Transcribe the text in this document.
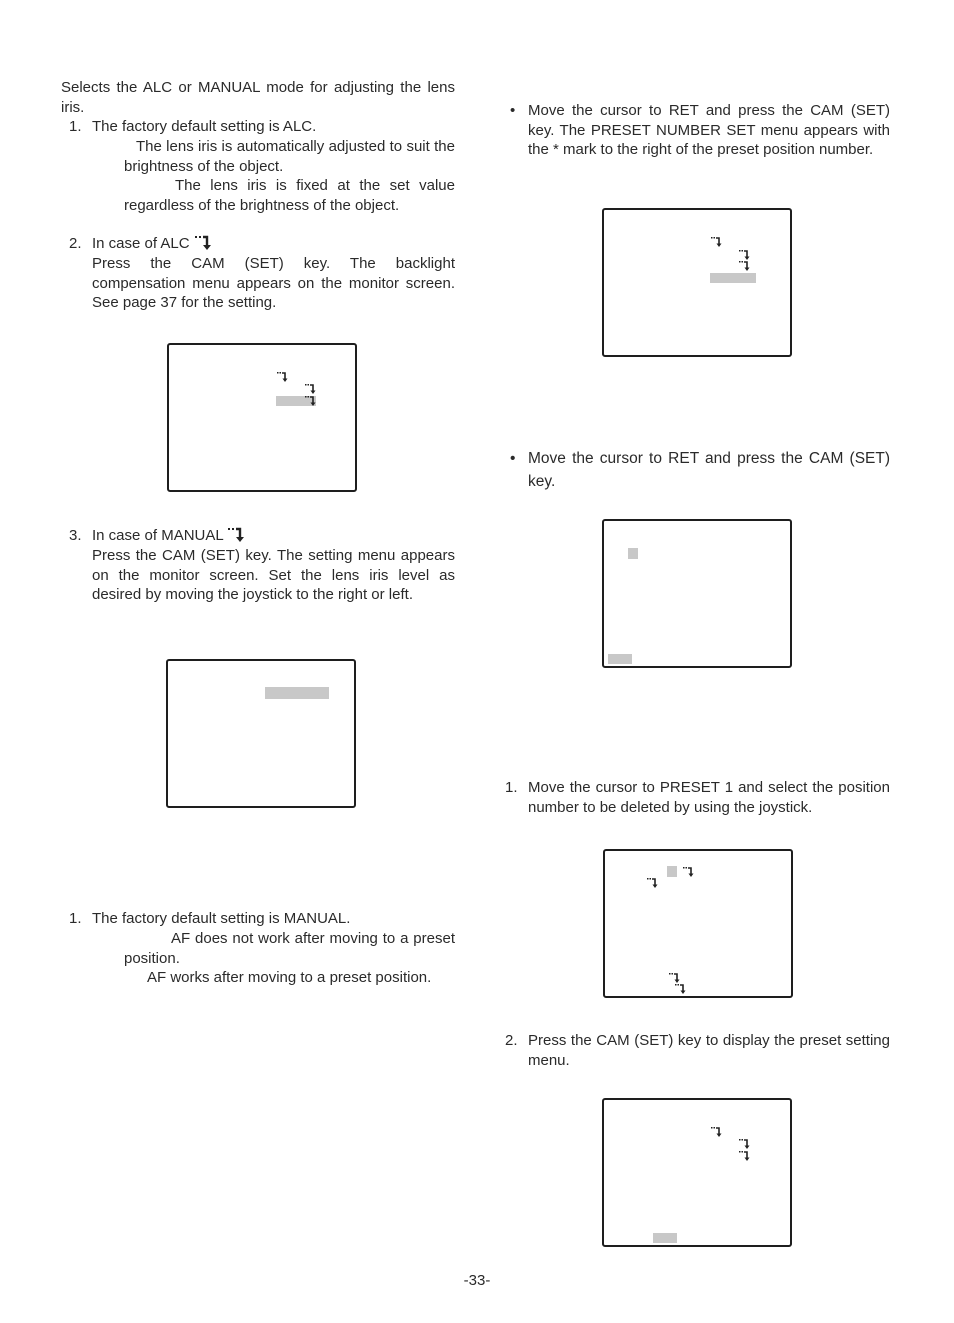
Selects the ALC or MANUAL mode for adjusting the lens iris.
1. The factory default setting is ALC.
The lens iris is automatically adjusted to suit the brightness of the object.
The lens iris is fixed at the set value regardless of the brightness of the object.
2. In case of ALC
Press the CAM (SET) key. The backlight compensation menu appears on the monitor screen. See page 37 for the setting.
3. In case of MANUAL
Press the CAM (SET) key. The setting menu appears on the monitor screen. Set the lens iris level as desired by moving the joystick to the right or left.
1. The factory default setting is MANUAL.
AF does not work after moving to a preset position.
AF works after moving to a preset position.
• Move the cursor to RET and press the CAM (SET) key. The PRESET NUMBER SET menu appears with the * mark to the right of the preset position number.
• Move the cursor to RET and press the CAM (SET) key.
1. Move the cursor to PRESET 1 and select the position number to be deleted by using the joystick.
2. Press the CAM (SET) key to display the preset setting menu.
-33-
